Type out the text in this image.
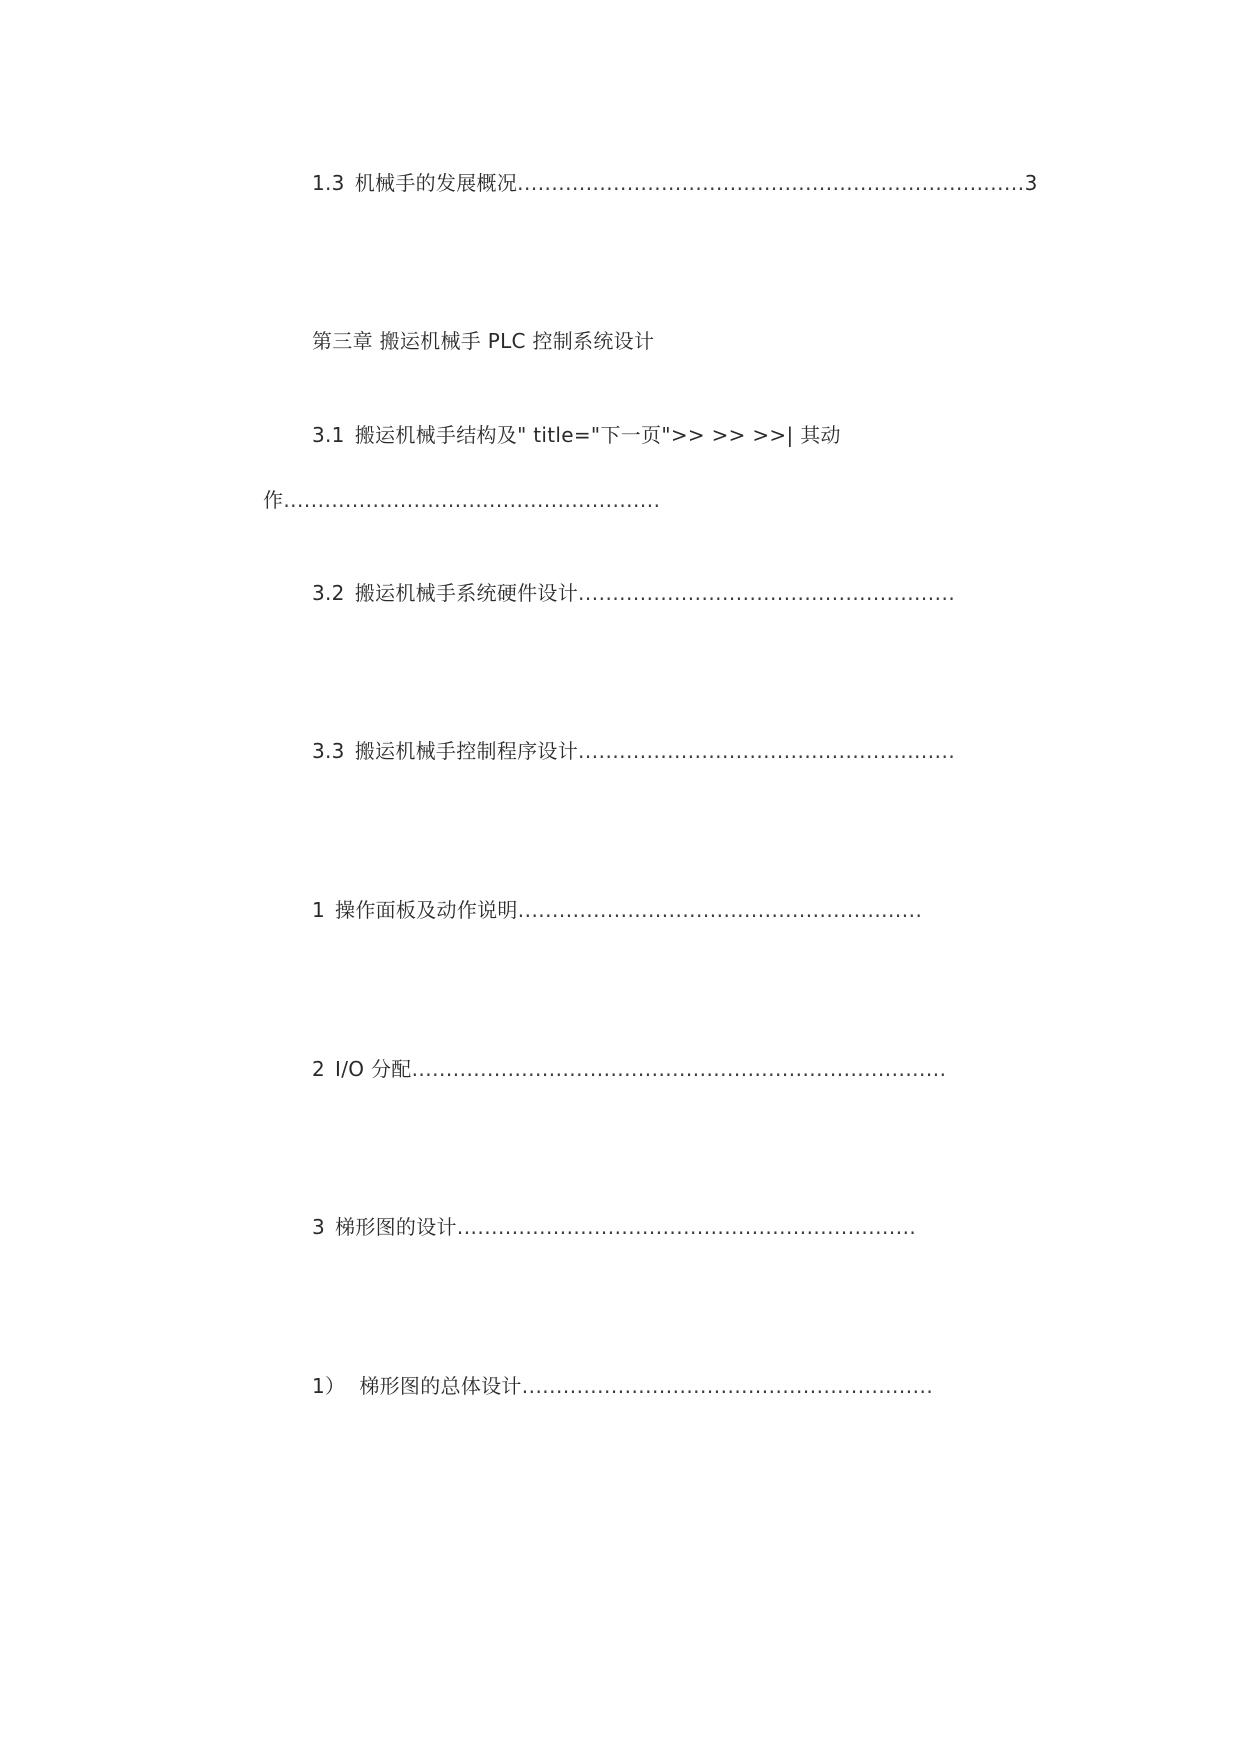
1.3 机械手的发展概况..........................................................................3
第三章 搬运机械手 PLC 控制系统设计
3.1 搬运机械手结构及" title="下一页">> >> >>| 其动
作.......................................................
3.2 搬运机械手系统硬件设计.......................................................
3.3 搬运机械手控制程序设计.......................................................
1 操作面板及动作说明...........................................................
2 I/O 分配..............................................................................
3 梯形图的设计...................................................................
1） 梯形图的总体设计............................................................
